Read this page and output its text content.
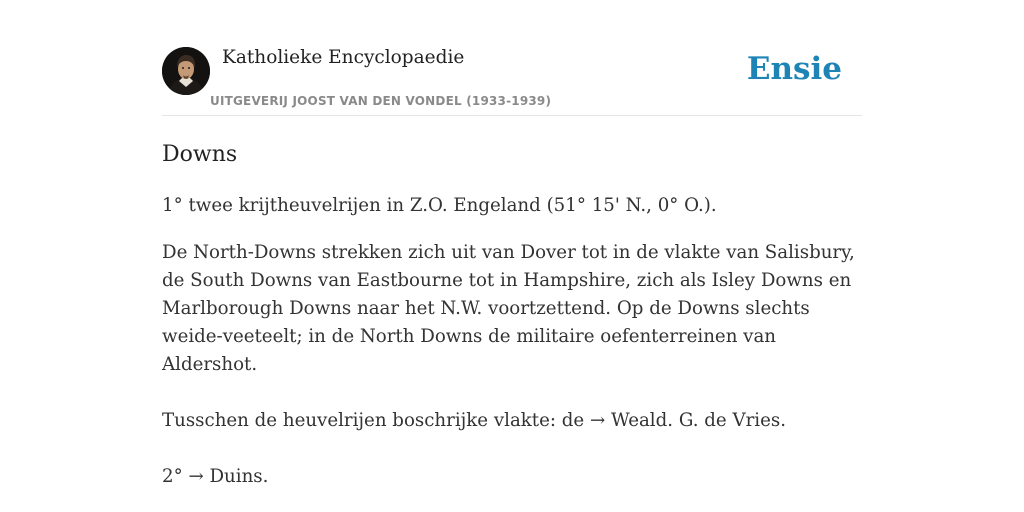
Katholieke Encyclopaedie
UITGEVERIJ JOOST VAN DEN VONDEL (1933-1939)
Ensie
Downs

1° twee krijtheuvelrijen in Z.O. Engeland (51° 15' N., 0° O.).

De North-Downs strekken zich uit van Dover tot in de vlakte van Salisbury, de South Downs van Eastbourne tot in Hampshire, zich als Isley Downs en Marlborough Downs naar het N.W. voortzettend. Op de Downs slechts weide-veeteelt; in de North Downs de militaire oefenterreinen van Aldershot.

Tusschen de heuvelrijen boschrijke vlakte: de → Weald. G. de Vries.

2° → Duins.
